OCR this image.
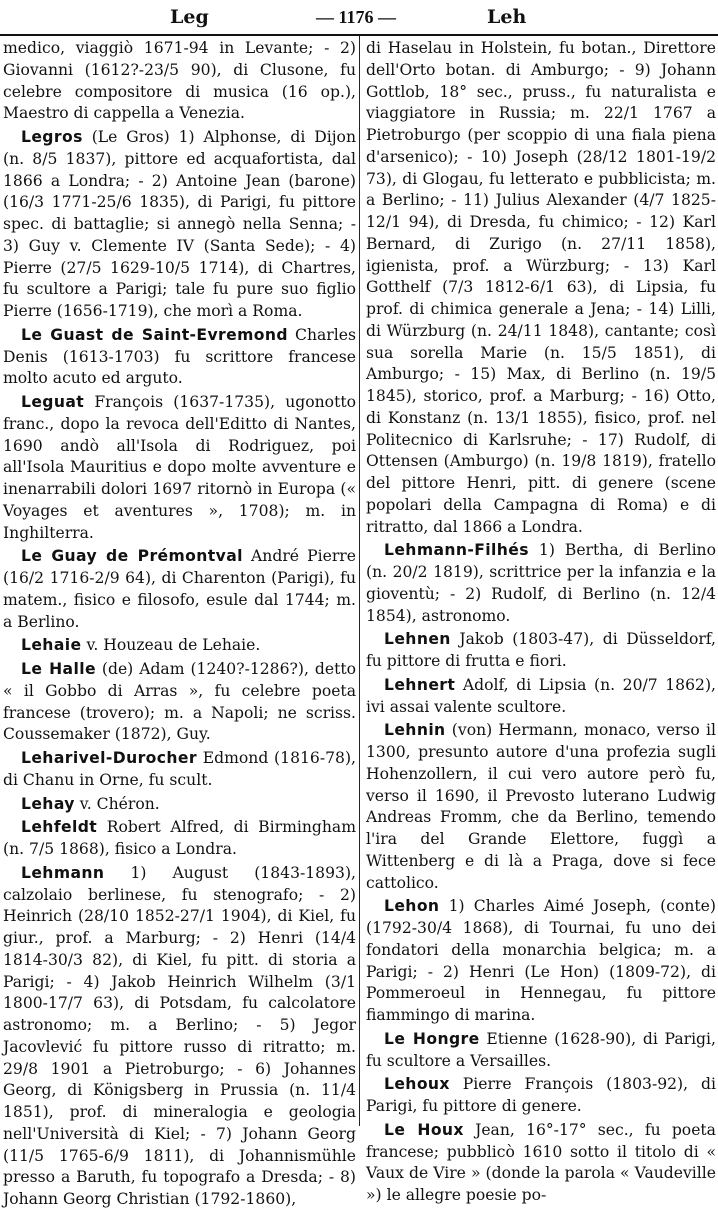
Leg	— 1176 —	Leh

medico, viaggiò 1671-94 in Levante; - 2) Giovanni (1612?-23/5 90), di Clusone, fu celebre compositore di musica (16 op.), Maestro di cappella a Venezia.

Legros (Le Gros) 1) Alphonse, di Dijon (n. 8/5 1837), pittore ed acquafortista, dal 1866 a Londra; - 2) Antoine Jean (barone) (16/3 1771-25/6 1835), di Parigi, fu pittore spec. di battaglie; si annegò nella Senna; - 3) Guy v. Clemente IV (Santa Sede); - 4) Pierre (27/5 1629-10/5 1714), di Chartres, fu scultore a Parigi; tale fu pure suo figlio Pierre (1656-1719), che morì a Roma.

Le Guast de Saint-Evremond Charles Denis (1613-1703) fu scrittore francese molto acuto ed arguto.

Leguat François (1637-1735), ugonotto franc., dopo la revoca dell'Editto di Nantes, 1690 andò all'Isola di Rodriguez, poi all'Isola Mauritius e dopo molte avventure e inenarrabili dolori 1697 ritornò in Europa (« Voyages et aventures », 1708); m. in Inghilterra.

Le Guay de Prémontval André Pierre (16/2 1716-2/9 64), di Charenton (Parigi), fu matem., fisico e filosofo, esule dal 1744; m. a Berlino.

Lehaie v. Houzeau de Lehaie.

Le Halle (de) Adam (1240?-1286?), detto « il Gobbo di Arras », fu celebre poeta francese (trovero); m. a Napoli; ne scriss. Coussemaker (1872), Guy.

Leharivel-Durocher Edmond (1816-78), di Chanu in Orne, fu scult.

Lehay v. Chéron.

Lehfeldt Robert Alfred, di Birmingham (n. 7/5 1868), fisico a Londra.

Lehmann 1) August (1843-1893), calzolaio berlinese, fu stenografo; - 2) Heinrich (28/10 1852-27/1 1904), di Kiel, fu giur., prof. a Marburg; - 2) Henri (14/4 1814-30/3 82), di Kiel, fu pitt. di storia a Parigi; - 4) Jakob Heinrich Wilhelm (3/1 1800-17/7 63), di Potsdam, fu calcolatore astronomo; m. a Berlino; - 5) Jegor Jacovlević fu pittore russo di ritratto; m. 29/8 1901 a Pietroburgo; - 6) Johannes Georg, di Königsberg in Prussia (n. 11/4 1851), prof. di mineralogia e geologia nell'Università di Kiel; - 7) Johann Georg (11/5 1765-6/9 1811), di Johannismühle presso a Baruth, fu topografo a Dresda; - 8) Johann Georg Christian (1792-1860),

di Haselau in Holstein, fu botan., Direttore dell'Orto botan. di Amburgo; - 9) Johann Gottlob, 18° sec., pruss., fu naturalista e viaggiatore in Russia; m. 22/1 1767 a Pietroburgo (per scoppio di una fiala piena d'arsenico); - 10) Joseph (28/12 1801-19/2 73), di Glogau, fu letterato e pubblicista; m. a Berlino; - 11) Julius Alexander (4/7 1825-12/1 94), di Dresda, fu chimico; - 12) Karl Bernard, di Zurigo (n. 27/11 1858), igienista, prof. a Würzburg; - 13) Karl Gotthelf (7/3 1812-6/1 63), di Lipsia, fu prof. di chimica generale a Jena; - 14) Lilli, di Würzburg (n. 24/11 1848), cantante; così sua sorella Marie (n. 15/5 1851), di Amburgo; - 15) Max, di Berlino (n. 19/5 1845), storico, prof. a Marburg; - 16) Otto, di Konstanz (n. 13/1 1855), fisico, prof. nel Politecnico di Karlsruhe; - 17) Rudolf, di Ottensen (Amburgo) (n. 19/8 1819), fratello del pittore Henri, pitt. di genere (scene popolari della Campagna di Roma) e di ritratto, dal 1866 a Londra.

Lehmann-Filhés 1) Bertha, di Berlino (n. 20/2 1819), scrittrice per la infanzia e la gioventù; - 2) Rudolf, di Berlino (n. 12/4 1854), astronomo.

Lehnen Jakob (1803-47), di Düsseldorf, fu pittore di frutta e fiori.

Lehnert Adolf, di Lipsia (n. 20/7 1862), ivi assai valente scultore.

Lehnin (von) Hermann, monaco, verso il 1300, presunto autore d'una profezia sugli Hohenzollern, il cui vero autore però fu, verso il 1690, il Prevosto luterano Ludwig Andreas Fromm, che da Berlino, temendo l'ira del Grande Elettore, fuggì a Wittenberg e di là a Praga, dove si fece cattolico.

Lehon 1) Charles Aimé Joseph, (conte) (1792-30/4 1868), di Tournai, fu uno dei fondatori della monarchia belgica; m. a Parigi; - 2) Henri (Le Hon) (1809-72), di Pommeroeul in Hennegau, fu pittore fiammingo di marina.

Le Hongre Etienne (1628-90), di Parigi, fu scultore a Versailles.

Lehoux Pierre François (1803-92), di Parigi, fu pittore di genere.

Le Houx Jean, 16°-17° sec., fu poeta francese; pubblicò 1610 sotto il titolo di « Vaux de Vire » (donde la parola « Vaudeville ») le allegre poesie po-
